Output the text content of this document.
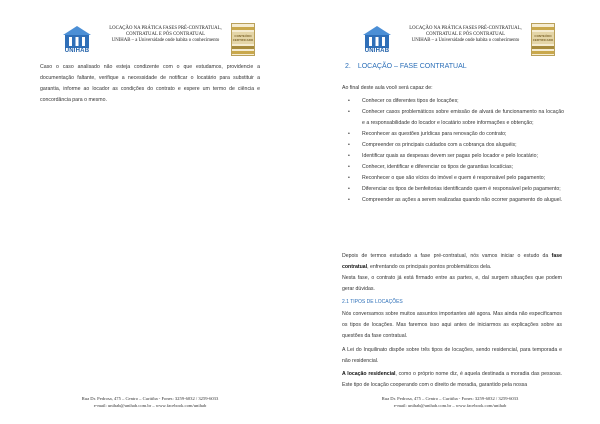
UNIHAB
LOCAÇÃO NA PRÁTICA FASES PRÉ-CONTRATUAL,
CONTRATUAL E PÓS CONTRATUAL
UNIHAB – a Universidade onde habita o conhecimento
CONTEÚDO CERTIFICADO

Caso o caso analisado não esteja condizente com o que estudamos, providencie a documentação faltante, verifique a necessidade de notificar o locatário para substituir a garantia, informe ao locador as condições do contrato e espere um termo de ciência e concordância para o mesmo.

Rua Dr. Pedrosa, 475 – Centro – Curitiba - Fones: 3259-6032 / 3259-6033
e-mail: unihab@unihab.com.br – www.facebook.com/unihab
UNIHAB
LOCAÇÃO NA PRÁTICA FASES PRÉ-CONTRATUAL,
CONTRATUAL E PÓS CONTRATUAL
UNIHAB – a Universidade onde habita o conhecimento
CONTEÚDO CERTIFICADO
2. LOCAÇÃO – FASE CONTRATUAL

Ao final deste aula você será capaz de:

• Conhecer os diferentes tipos de locações;
• Conhecer casos problemáticos sobre emissão de alvará de funcionamento na locação e a responsabilidade do locador e locatário sobre informações e obtenção;
• Reconhecer as questões jurídicas para renovação do contrato;
• Compreender os principais cuidados com a cobrança dos aluguéis;
• Identificar quais as despesas devem ser pagas pelo locador e pelo locatário;
• Conhecer, identificar e diferenciar os tipos de garantias locatícias;
• Reconhecer o que são vícios do imóvel e quem é responsável pelo pagamento;
• Diferenciar os tipos de benfeitorias identificando quem é responsável pelo pagamento;
• Compreender as ações a serem realizadas quando não ocorrer pagamento do aluguel.

Depois de termos estudado a fase pré-contratual, nós vamos iniciar o estudo da fase contratual, enfrentando os principais pontos problemáticos dela.
Nesta fase, o contrato já está firmado entre as partes, e, daí surgem situações que podem gerar dúvidas.

2.1 TIPOS DE LOCAÇÕES

Nós conversamos sobre muitos assuntos importantes até agora. Mas ainda não especificamos os tipos de locações. Mas faremos isso aqui antes de iniciarmos as explicações sobre as questões da fase contratual.

A Lei do Inquilinato dispõe sobre três tipos de locações, sendo residencial, para temporada e não residencial.

A locação residencial, como o próprio nome diz, é aquela destinada a moradia das pessoas. Este tipo de locação cooperando com o direito de moradia, garantido pela nossa

Rua Dr. Pedrosa, 475 – Centro – Curitiba - Fones: 3259-6032 / 3259-6033
e-mail: unihab@unihab.com.br – www.facebook.com/unihab
